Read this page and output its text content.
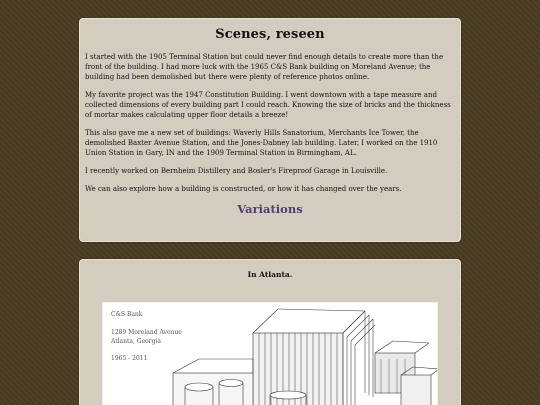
Scenes, reseen

I started with the 1905 Terminal Station but could never find enough details to create more than the front of the building. I had more luck with the 1965 C&S Bank building on Moreland Avenue; the building had been demolished but there were plenty of reference photos online.

My favorite project was the 1947 Constitution Building. I went downtown with a tape measure and collected dimensions of every building part I could reach. Knowing the size of bricks and the thickness of mortar makes calculating upper floor details a breeze!

This also gave me a new set of buildings: Waverly Hills Sanatorium, Merchants Ice Tower, the demolished Baxter Avenue Station, and the Jones-Dabney lab building. Later, I worked on the 1910 Union Station in Gary, IN and the 1909 Terminal Station in Birmingham, AL.

I recently worked on Bernheim Distillery and Bosler's Fireproof Garage in Louisville.

We can also explore how a building is constructed, or how it has changed over the years.

Variations
In Atlanta.
C&S Bank
1289 Moreland Avenue
Atlanta, Georgia
1965 - 2011
